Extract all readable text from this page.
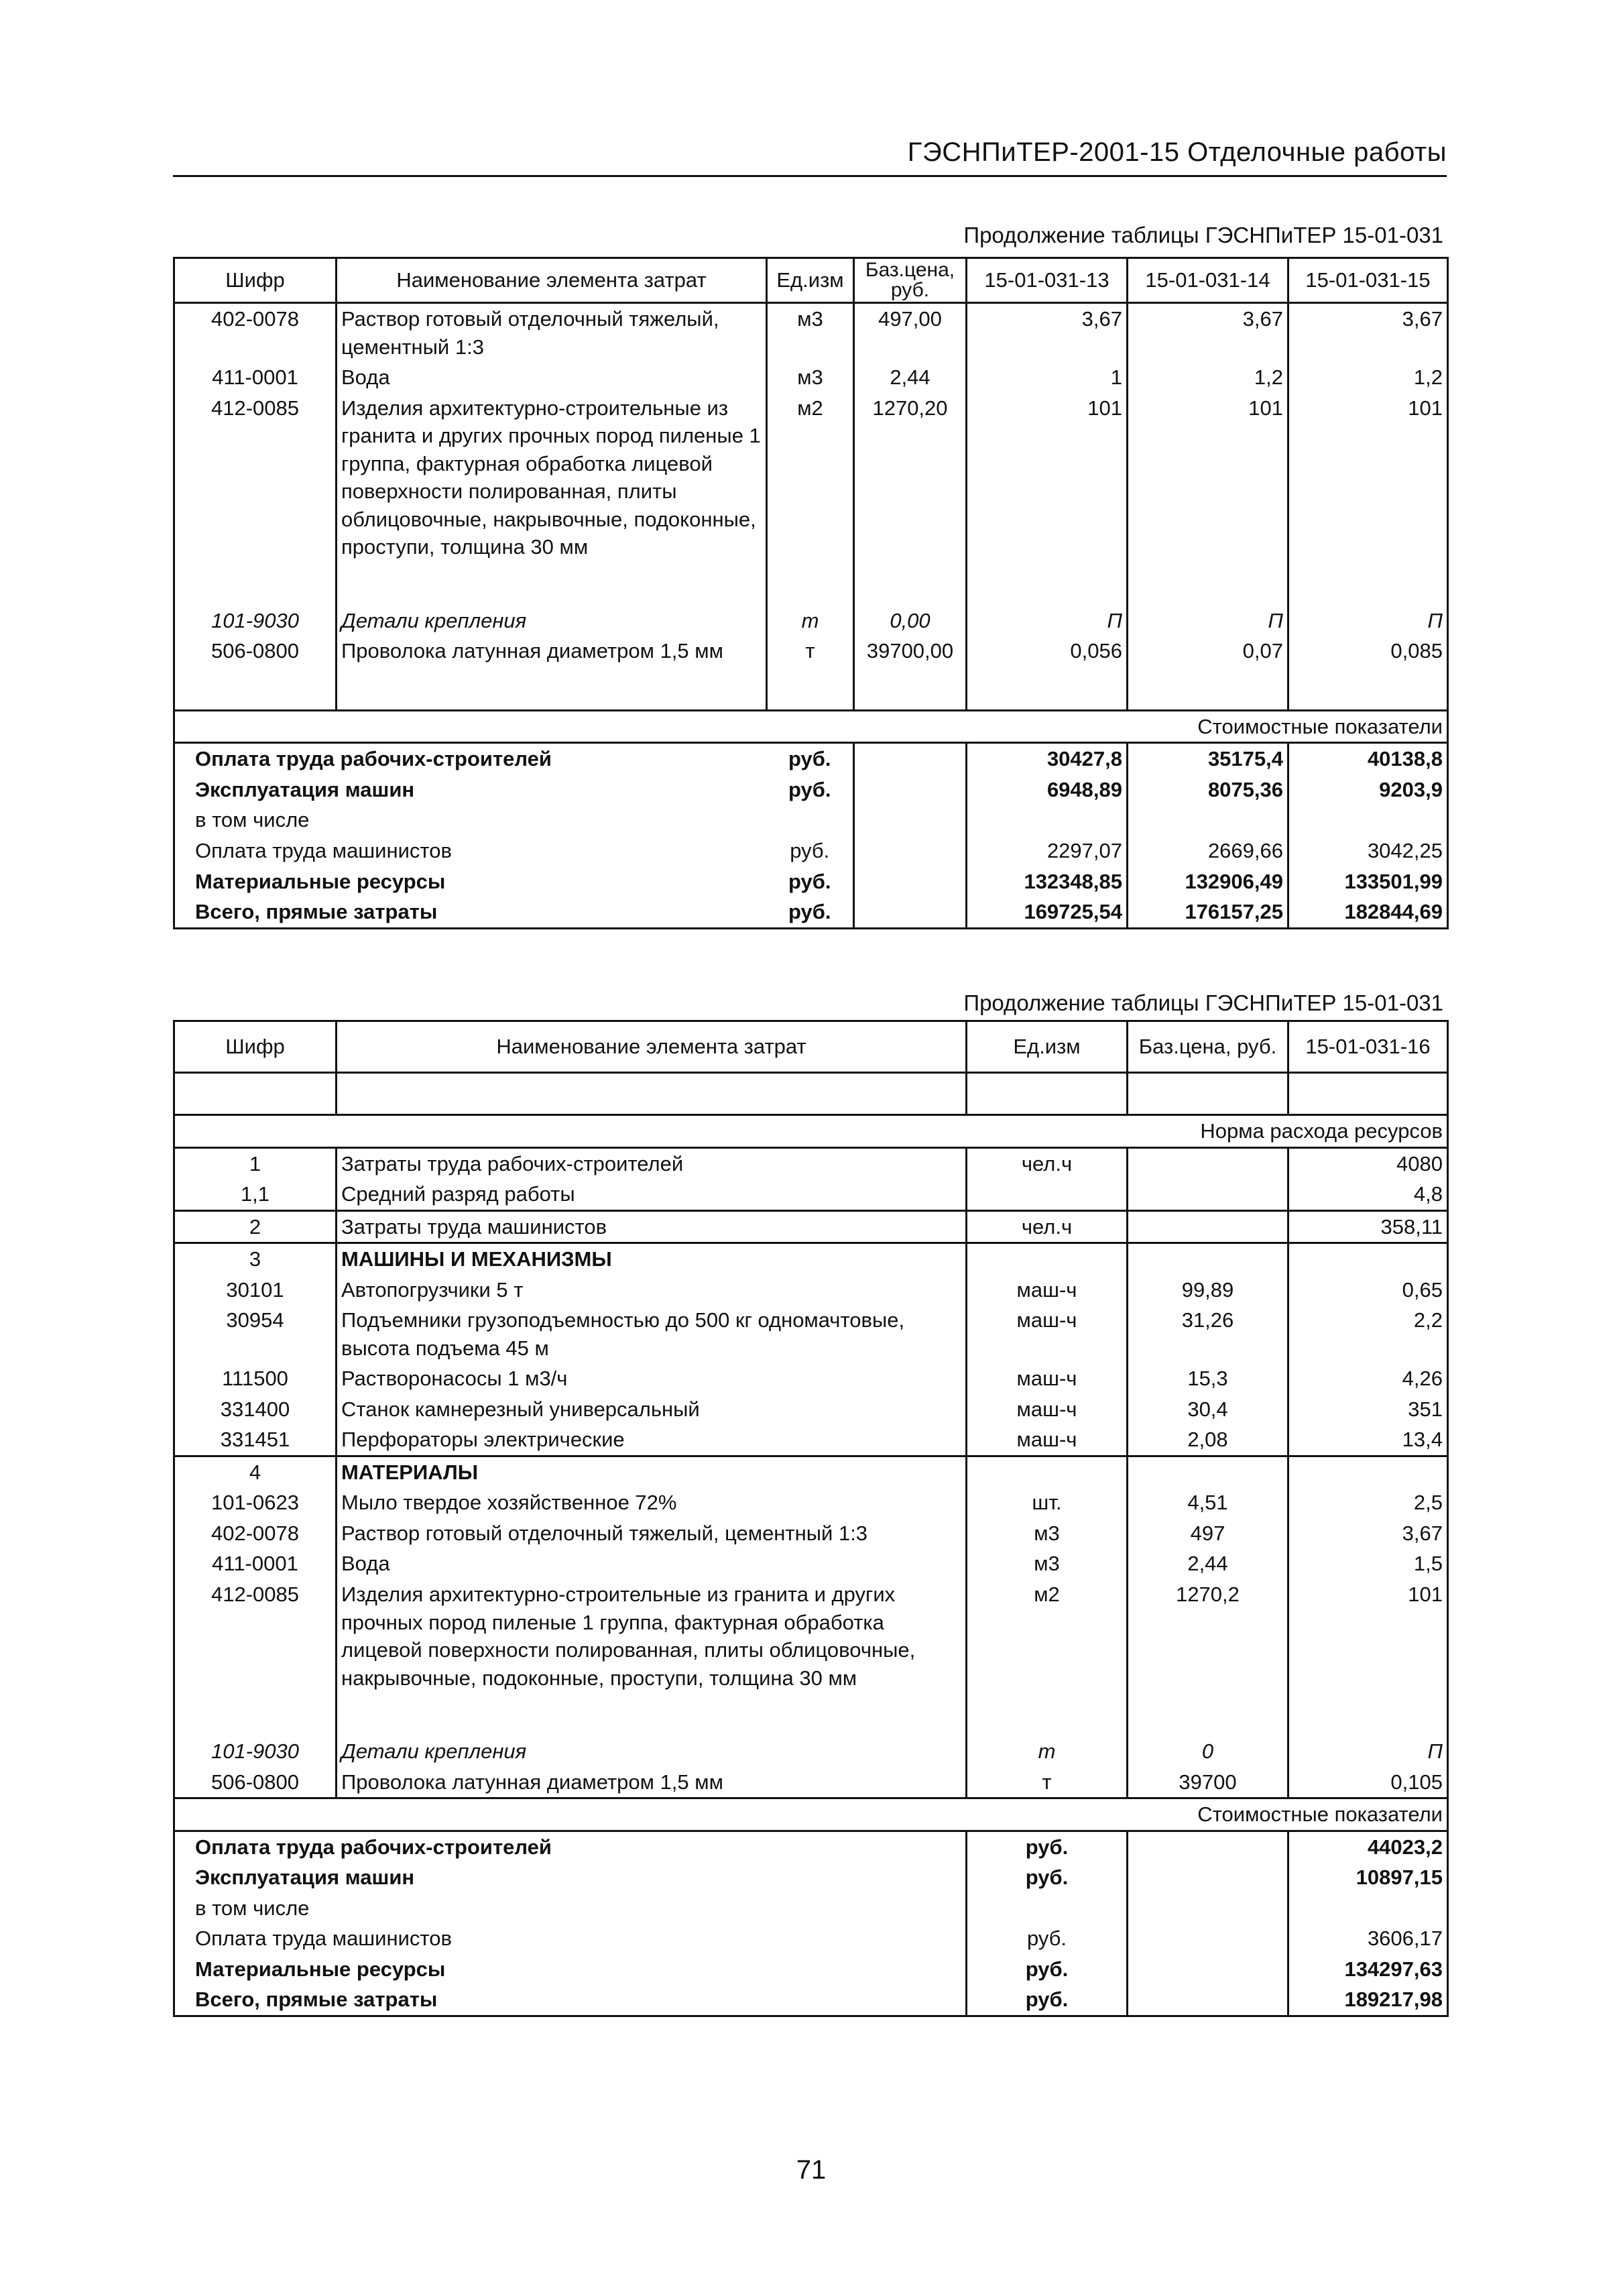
ГЭСНПиТЕР-2001-15 Отделочные работы
Продолжение таблицы ГЭСНПиТЕР 15-01-031
Шифр	Наименование элемента затрат	Ед.изм	Баз.цена, руб.	15-01-031-13	15-01-031-14	15-01-031-15
402-0078	Раствор готовый отделочный тяжелый, цементный 1:3	м3	497,00	3,67	3,67	3,67
411-0001	Вода	м3	2,44	1	1,2	1,2
412-0085	Изделия архитектурно-строительные из гранита и других прочных пород пиленые 1 группа, фактурная обработка лицевой поверхности полированная, плиты облицовочные, накрывочные, подоконные, проступи, толщина 30 мм	м2	1270,20	101	101	101

101-9030	Детали крепления	т	0,00	П	П	П
506-0800	Проволока латунная диаметром 1,5 мм	т	39700,00	0,056	0,07	0,085

Стоимостные показатели						
Оплата труда рабочих-строителей		руб.		30427,8	35175,4	40138,8
Эксплуатация машин		руб.		6948,89	8075,36	9203,9
в том числе						
Оплата труда машинистов		руб.		2297,07	2669,66	3042,25
Материальные ресурсы		руб.		132348,85	132906,49	133501,99
Всего, прямые затраты		руб.		169725,54	176157,25	182844,69
Продолжение таблицы ГЭСНПиТЕР 15-01-031
Шифр	Наименование элемента затрат	Ед.изм	Баз.цена, руб.	15-01-031-16

Норма расхода ресурсов				
1	Затраты труда рабочих-строителей	чел.ч		4080
1,1	Средний разряд работы			4,8
2	Затраты труда машинистов	чел.ч		358,11
3	МАШИНЫ И МЕХАНИЗМЫ			
30101	Автопогрузчики 5 т	маш-ч	99,89	0,65
30954	Подъемники грузоподъемностью до 500 кг одномачтовые, высота подъема 45 м	маш-ч	31,26	2,2
111500	Растворонасосы 1 м3/ч	маш-ч	15,3	4,26
331400	Станок камнерезный универсальный	маш-ч	30,4	351
331451	Перфораторы электрические	маш-ч	2,08	13,4
4	МАТЕРИАЛЫ			
101-0623	Мыло твердое хозяйственное 72%	шт.	4,51	2,5
402-0078	Раствор готовый отделочный тяжелый, цементный 1:3	м3	497	3,67
411-0001	Вода	м3	2,44	1,5
412-0085	Изделия архитектурно-строительные из гранита и других прочных пород пиленые 1 группа, фактурная обработка лицевой поверхности полированная, плиты облицовочные, накрывочные, подоконные, проступи, толщина 30 мм	м2	1270,2	101

101-9030	Детали крепления	т	0	П
506-0800	Проволока латунная диаметром 1,5 мм	т	39700	0,105
Стоимостные показатели				
Оплата труда рабочих-строителей		руб.		44023,2
Эксплуатация машин		руб.		10897,15
в том числе				
Оплата труда машинистов		руб.		3606,17
Материальные ресурсы		руб.		134297,63
Всего, прямые затраты		руб.		189217,98
71
